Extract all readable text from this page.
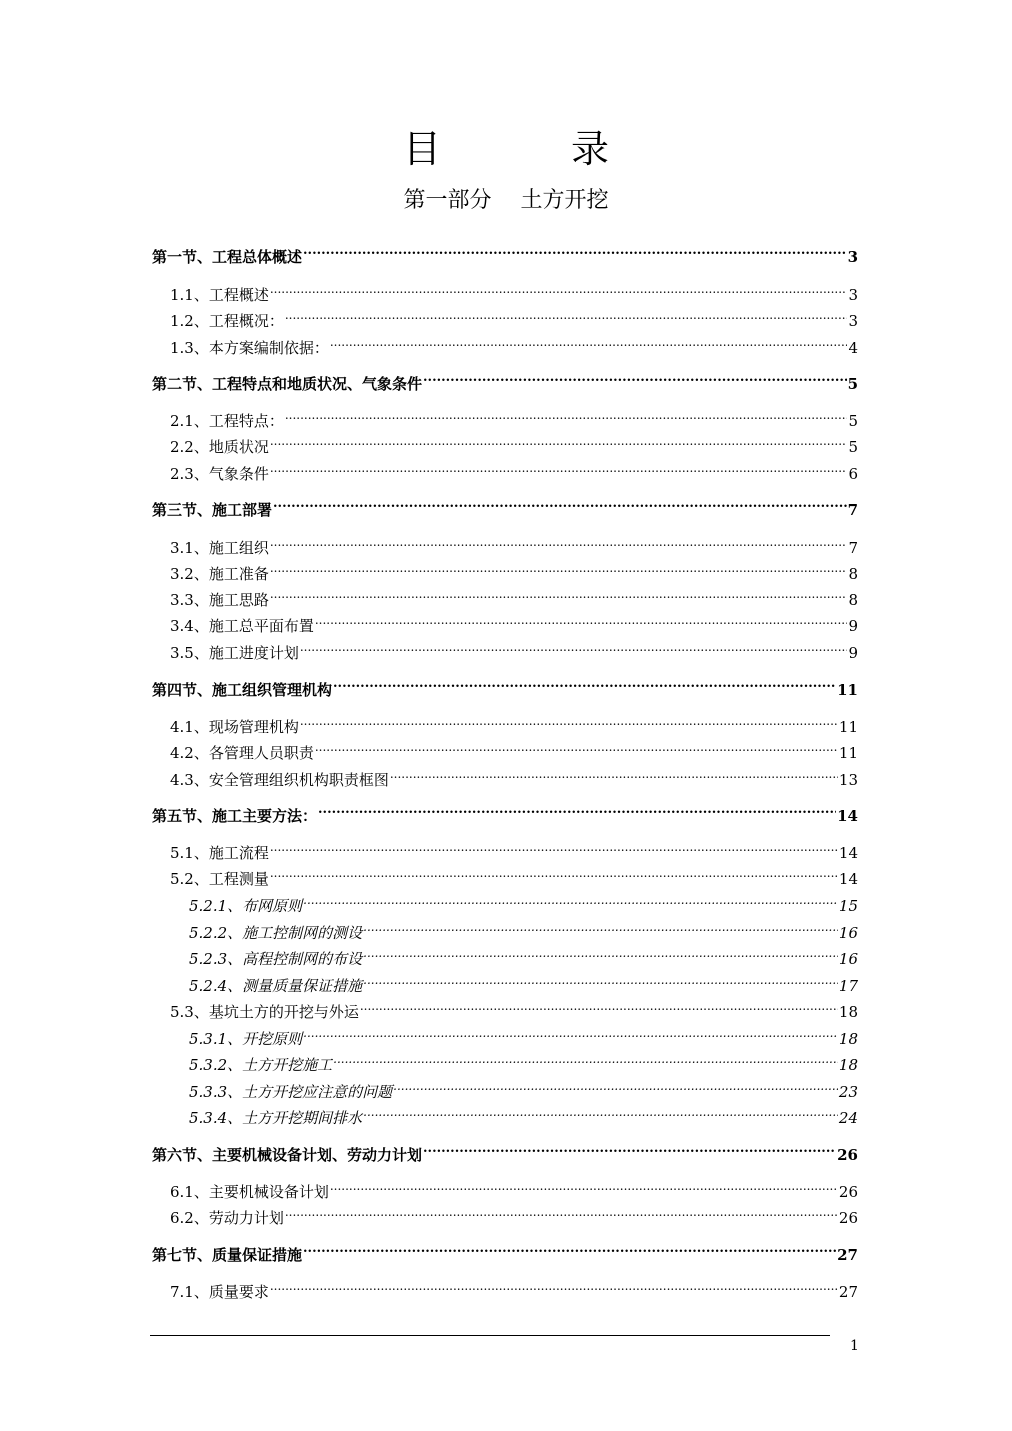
目　录
第一部分　 土方开挖
第一节、工程总体概述 .....	3
1.1、工程概述 .....	3
1.2、工程概况： .....	3
1.3、本方案编制依据： .....	4
第二节、工程特点和地质状况、气象条件 .....	5
2.1、工程特点： .....	5
2.2、地质状况 .....	5
2.3、气象条件 .....	6
第三节、施工部署 .....	7
3.1、施工组织 .....	7
3.2、施工准备 .....	8
3.3、施工思路 .....	8
3.4、施工总平面布置 .....	9
3.5、施工进度计划 .....	9
第四节、施工组织管理机构 .....	11
4.1、现场管理机构 .....	11
4.2、各管理人员职责 .....	11
4.3、安全管理组织机构职责框图 .....	13
第五节、施工主要方法： .....	14
5.1、施工流程 .....	14
5.2、工程测量 .....	14
5.2.1、布网原则 .....	15
5.2.2、施工控制网的测设 .....	16
5.2.3、高程控制网的布设 .....	16
5.2.4、测量质量保证措施 .....	17
5.3、基坑土方的开挖与外运 .....	18
5.3.1、开挖原则 .....	18
5.3.2、土方开挖施工 .....	18
5.3.3、土方开挖应注意的问题 .....	23
5.3.4、土方开挖期间排水 .....	24
第六节、主要机械设备计划、劳动力计划 .....	26
6.1、主要机械设备计划 .....	26
6.2、劳动力计划 .....	26
第七节、质量保证措施 .....	27
7.1、质量要求 .....	27
1
